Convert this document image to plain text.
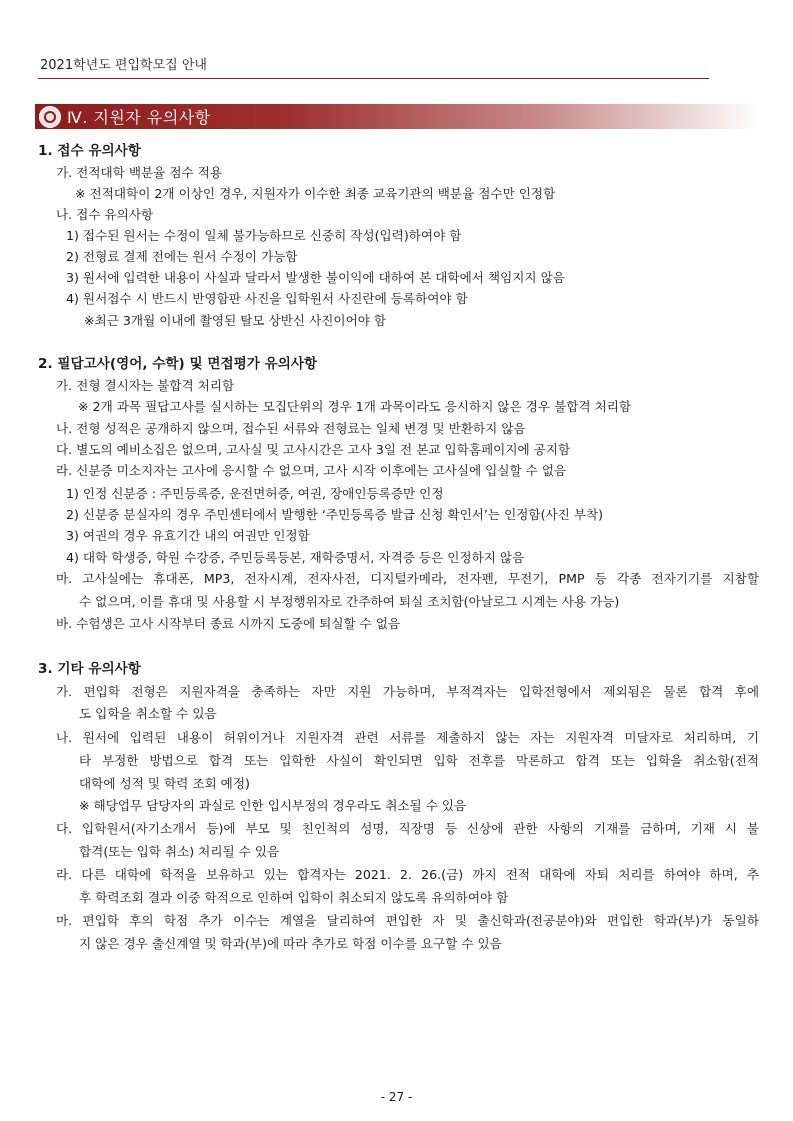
2021학년도 편입학모집 안내
Ⅳ. 지원자 유의사항
1. 접수 유의사항
가. 전적대학 백분율 점수 적용
※ 전적대학이 2개 이상인 경우, 지원자가 이수한 최종 교육기관의 백분율 점수만 인정함
나. 접수 유의사항
1) 접수된 원서는 수정이 일체 불가능하므로 신중히 작성(입력)하여야 함
2) 전형료 결제 전에는 원서 수정이 가능함
3) 원서에 입력한 내용이 사실과 달라서 발생한 불이익에 대하여 본 대학에서 책임지지 않음
4) 원서접수 시 반드시 반영함판 사진을 입학원서 사진란에 등록하여야 함
※최근 3개월 이내에 촬영된 탈모 상반신 사진이어야 함
2. 필답고사(영어, 수학) 및 면접평가 유의사항
가. 전형 결시자는 불합격 처리함
※ 2개 과목 필답고사를 실시하는 모집단위의 경우 1개 과목이라도 응시하지 않은 경우 불합격 처리함
나. 전형 성적은 공개하지 않으며, 접수된 서류와 전형료는 일체 변경 및 반환하지 않음
다. 별도의 예비소집은 없으며, 고사실 및 고사시간은 고사 3일 전 본교 입학홈페이지에 공지함
라. 신분증 미소지자는 고사에 응시할 수 없으며, 고사 시작 이후에는 고사실에 입실할 수 없음
1) 인정 신분증 : 주민등록증, 운전면허증, 여권, 장애인등록증만 인정
2) 신분증 분실자의 경우 주민센터에서 발행한 ‘주민등록증 발급 신청 확인서’는 인정함(사진 부착)
3) 여권의 경우 유효기간 내의 여권만 인정함
4) 대학 학생증, 학원 수강증, 주민등록등본, 재학증명서, 자격증 등은 인정하지 않음
마. 고사실에는 휴대폰, MP3, 전자시계, 전자사전, 디지털카메라, 전자펜, 무전기, PMP 등 각종 전자기기를 지참할
수 없으며, 이를 휴대 및 사용할 시 부정행위자로 간주하여 퇴실 조치함(아날로그 시계는 사용 가능)
바. 수험생은 고사 시작부터 종료 시까지 도중에 퇴실할 수 없음
3. 기타 유의사항
가. 편입학 전형은 지원자격을 충족하는 자만 지원 가능하며, 부적격자는 입학전형에서 제외됨은 물론 합격 후에
도 입학을 취소할 수 있음
나. 원서에 입력된 내용이 허위이거나 지원자격 관련 서류를 제출하지 않는 자는 지원자격 미달자로 처리하며, 기
타 부정한 방법으로 합격 또는 입학한 사실이 확인되면 입학 전후를 막론하고 합격 또는 입학을 취소함(전적
대학에 성적 및 학력 조회 예정)
※ 해당업무 담당자의 과실로 인한 입시부정의 경우라도 취소될 수 있음
다. 입학원서(자기소개서 등)에 부모 및 친인척의 성명, 직장명 등 신상에 관한 사항의 기재를 금하며, 기재 시 불
합격(또는 입학 취소) 처리될 수 있음
라. 다른 대학에 학적을 보유하고 있는 합격자는 2021. 2. 26.(금) 까지 전적 대학에 자퇴 처리를 하여야 하며, 추
후 학력조회 결과 이중 학적으로 인하여 입학이 취소되지 않도록 유의하여야 함
마. 편입학 후의 학점 추가 이수는 계열을 달리하여 편입한 자 및 출신학과(전공분야)와 편입한 학과(부)가 동일하
지 않은 경우 출신계열 및 학과(부)에 따라 추가로 학점 이수를 요구할 수 있음
- 27 -
